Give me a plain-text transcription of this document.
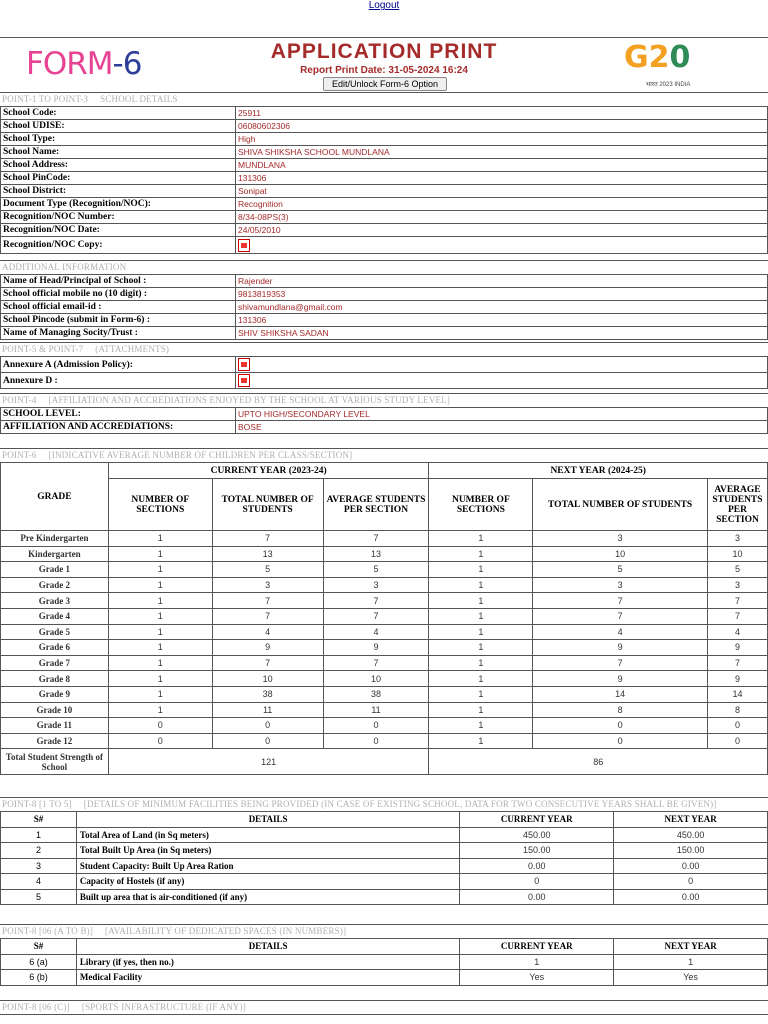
Logout
FORM-6	APPLICATION PRINT
Report Print Date: 31-05-2024 16:24
Edit/Unlock Form-6 Option
G20
भारत 2023 INDIA
POINT-1 TO POINT-3 SCHOOL DETAILS
School Code:	25911
School UDISE:	06080602306
School Type:	High
School Name:	SHIVA SHIKSHA SCHOOL MUNDLANA
School Address:	MUNDLANA
School PinCode:	131306
School District:	Sonipat
Document Type (Recognition/NOC):	Recognition
Recognition/NOC Number:	8/34-08PS(3)
Recognition/NOC Date:	24/05/2010
Recognition/NOC Copy:	
ADDITIONAL INFORMATION
Name of Head/Principal of School :	Rajender
School official mobile no (10 digit) :	9813819353
School official email-id :	shivamundlana@gmail.com
School Pincode (submit in Form-6) :	131306
Name of Managing Socity/Trust :	SHIV SHIKSHA SADAN
POINT-5 & POINT-7 (ATTACHMENTS)
Annexure A (Admission Policy):	
Annexure D :	
POINT-4 [AFFILIATION AND ACCREDIATIONS ENJOYED BY THE SCHOOL AT VARIOUS STUDY LEVEL]
SCHOOL LEVEL:	UPTO HIGH/SECONDARY LEVEL
AFFILIATION AND ACCREDIATIONS:	BOSE
POINT-6 [INDICATIVE AVERAGE NUMBER OF CHILDREN PER CLASS/SECTION]
GRADE	CURRENT YEAR (2023-24)			NEXT YEAR (2024-25)		
	NUMBER OF SECTIONS	TOTAL NUMBER OF STUDENTS	AVERAGE STUDENTS PER SECTION	NUMBER OF SECTIONS	TOTAL NUMBER OF STUDENTS	AVERAGE STUDENTS PER SECTION
Pre Kindergarten	1	7	7	1	3	3
Kindergarten	1	13	13	1	10	10
Grade 1	1	5	5	1	5	5
Grade 2	1	3	3	1	3	3
Grade 3	1	7	7	1	7	7
Grade 4	1	7	7	1	7	7
Grade 5	1	4	4	1	4	4
Grade 6	1	9	9	1	9	9
Grade 7	1	7	7	1	7	7
Grade 8	1	10	10	1	9	9
Grade 9	1	38	38	1	14	14
Grade 10	1	11	11	1	8	8
Grade 11	0	0	0	1	0	0
Grade 12	0	0	0	1	0	0
Total Student Strength of School	121			86		
POINT-8 [1 TO 5] [DETAILS OF MINIMUM FACILITIES BEING PROVIDED (IN CASE OF EXISTING SCHOOL, DATA FOR TWO CONSECUTIVE YEARS SHALL BE GIVEN)]
S#	DETAILS	CURRENT YEAR	NEXT YEAR
1	Total Area of Land (in Sq meters)	450.00	450.00
2	Total Built Up Area (in Sq meters)	150.00	150.00
3	Student Capacity: Built Up Area Ration	0.00	0.00
4	Capacity of Hostels (if any)	0	0
5	Built up area that is air-conditioned (if any)	0.00	0.00
POINT-8 [06 (A TO B)] [AVAILABILITY OF DEDICATED SPACES (IN NUMBERS)]
S#	DETAILS	CURRENT YEAR	NEXT YEAR
6 (a)	Library (if yes, then no.)	1	1
6 (b)	Medical Facility	Yes	Yes
POINT-8 [06 (C)] [SPORTS INFRASTRUCTURE (IF ANY)]
